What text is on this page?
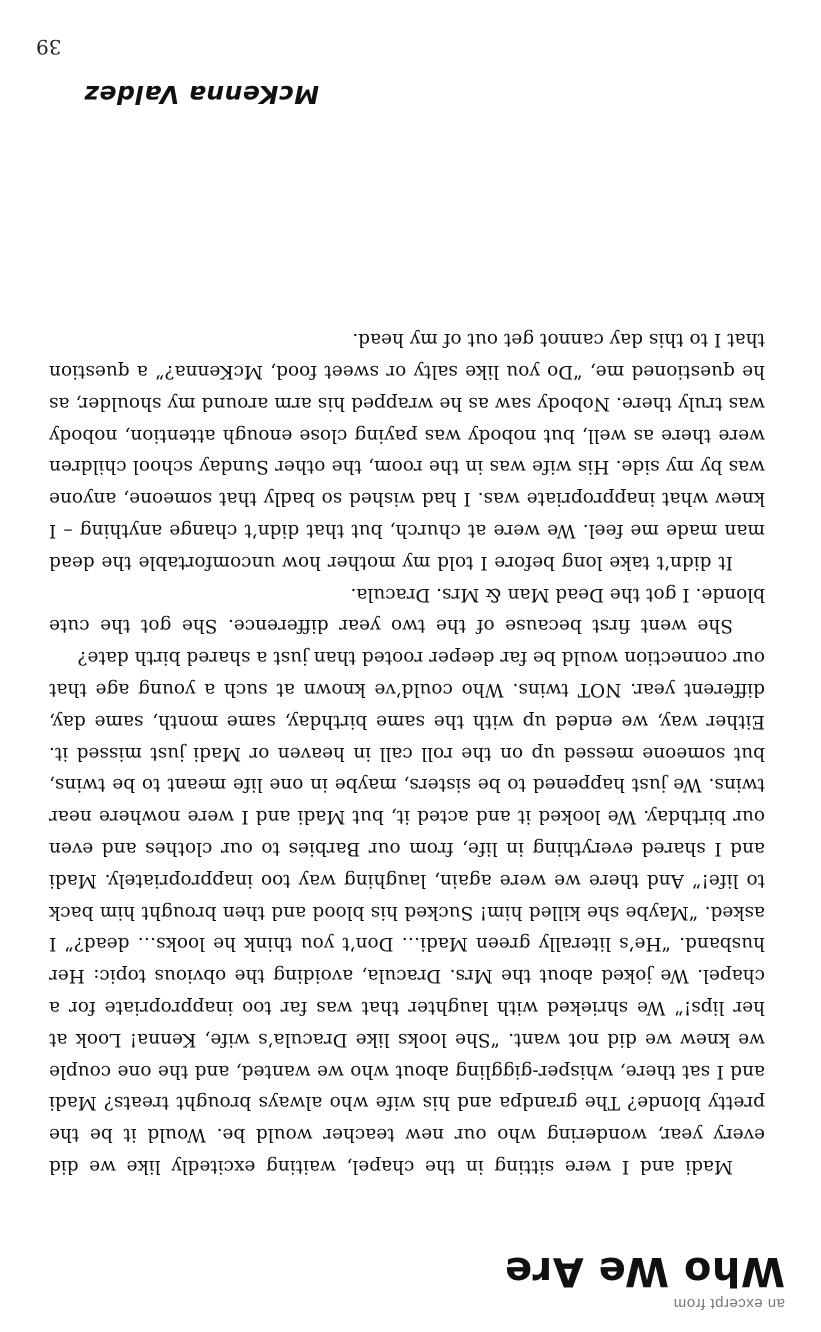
an excerpt from
Who We Are

Madi and I were sitting in the chapel, waiting excitedly like we did every year, wondering who our new teacher would be. Would it be the pretty blonde? The grandpa and his wife who always brought treats? Madi and I sat there, whisper-giggling about who we wanted, and the one couple we knew we did not want. “She looks like Dracula’s wife, Kenna! Look at her lips!” We shrieked with laughter that was far too inappropriate for a chapel. We joked about the Mrs. Dracula, avoiding the obvious topic: Her husband. “He’s literally green Madi… Don’t you think he looks… dead?” I asked. “Maybe she killed him! Sucked his blood and then brought him back to life!” And there we were again, laughing way too inappropriately. Madi and I shared everything in life, from our Barbies to our clothes and even our birthday. We looked it and acted it, but Madi and I were nowhere near twins. We just happened to be sisters, maybe in one life meant to be twins, but someone messed up on the roll call in heaven or Madi just missed it. Either way, we ended up with the same birthday, same month, same day, different year. NOT twins. Who could’ve known at such a young age that our connection would be far deeper rooted than just a shared birth date?

She went first because of the two year difference. She got the cute blonde. I got the Dead Man & Mrs. Dracula.

It didn’t take long before I told my mother how uncomfortable the dead man made me feel. We were at church, but that didn’t change anything – I knew what inappropriate was. I had wished so badly that someone, anyone was by my side. His wife was in the room, the other Sunday school children were there as well, but nobody was paying close enough attention, nobody was truly there. Nobody saw as he wrapped his arm around my shoulder, as he questioned me, “Do you like salty or sweet food, McKenna?” a question that I to this day cannot get out of my head.

McKenna Valdez
39
